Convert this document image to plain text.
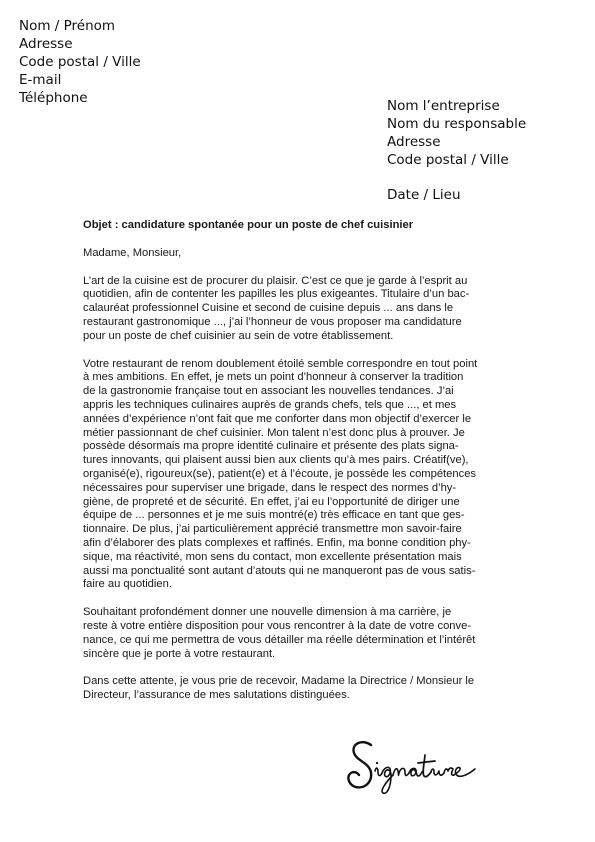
Nom / Prénom
Adresse
Code postal / Ville
E-mail
Téléphone	Nom l’entreprise
Nom du responsable
Adresse
Code postal / Ville
Date / Lieu
Objet : candidature spontanée pour un poste de chef cuisinier
Madame, Monsieur,
L’art de la cuisine est de procurer du plaisir. C’est ce que je garde à l’esprit au
quotidien, afin de contenter les papilles les plus exigeantes. Titulaire d’un bac-
calauréat professionnel Cuisine et second de cuisine depuis ... ans dans le
restaurant gastronomique ..., j’ai l’honneur de vous proposer ma candidature
pour un poste de chef cuisinier au sein de votre établissement.
Votre restaurant de renom doublement étoilé semble correspondre en tout point
à mes ambitions. En effet, je mets un point d’honneur à conserver la tradition
de la gastronomie française tout en associant les nouvelles tendances. J’ai
appris les techniques culinaires auprès de grands chefs, tels que ..., et mes
années d’expérience n’ont fait que me conforter dans mon objectif d’exercer le
métier passionnant de chef cuisinier. Mon talent n’est donc plus à prouver. Je
possède désormais ma propre identité culinaire et présente des plats signa-
tures innovants, qui plaisent aussi bien aux clients qu’à mes pairs. Créatif(ve),
organisé(e), rigoureux(se), patient(e) et à l’écoute, je possède les compétences
nécessaires pour superviser une brigade, dans le respect des normes d’hy-
giène, de propreté et de sécurité. En effet, j’ai eu l’opportunité de diriger une
équipe de ... personnes et je me suis montré(e) très efficace en tant que ges-
tionnaire. De plus, j’ai particulièrement apprécié transmettre mon savoir-faire
afin d’élaborer des plats complexes et raffinés. Enfin, ma bonne condition phy-
sique, ma réactivité, mon sens du contact, mon excellente présentation mais
aussi ma ponctualité sont autant d’atouts qui ne manqueront pas de vous satis-
faire au quotidien.
Souhaitant profondément donner une nouvelle dimension à ma carrière, je
reste à votre entière disposition pour vous rencontrer à la date de votre conve-
nance, ce qui me permettra de vous détailler ma réelle détermination et l’intérêt
sincère que je porte à votre restaurant.
Dans cette attente, je vous prie de recevoir, Madame la Directrice / Monsieur le
Directeur, l’assurance de mes salutations distinguées.
